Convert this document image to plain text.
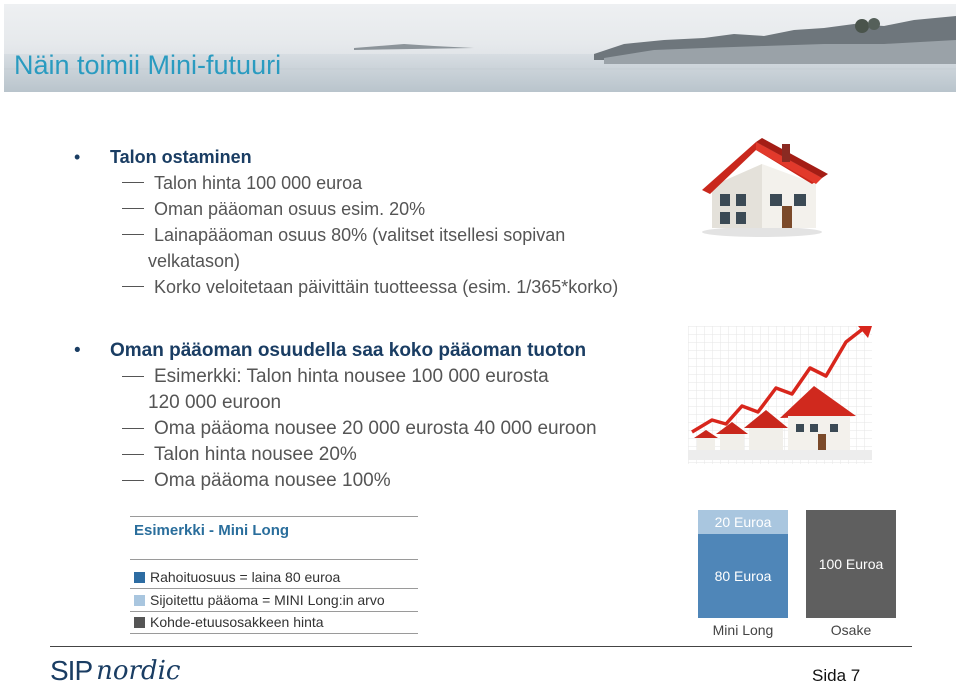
Näin toimii Mini-futuuri
• Talon ostaminen
Talon hinta 100 000 euroa
Oman pääoman osuus esim. 20%
Lainapääoman osuus 80% (valitset itsellesi sopivan
velkatason)
Korko veloitetaan päivittäin tuotteessa (esim. 1/365*korko)
• Oman pääoman osuudella saa koko pääoman tuoton
Esimerkki: Talon hinta nousee 100 000 eurosta
120 000 euroon
Oma pääoma nousee 20 000 eurosta 40 000 euroon
Talon hinta nousee 20%
Oma pääoma nousee 100%
Esimerkki - Mini Long
Rahoituosuus = laina 80 euroa
Sijoitettu pääoma = MINI Long:in arvo
Kohde-etuusosakkeen hinta
20 Euroa
80 Euroa
100 Euroa
Mini Long	Osake
SIP nordic	Sida 7
